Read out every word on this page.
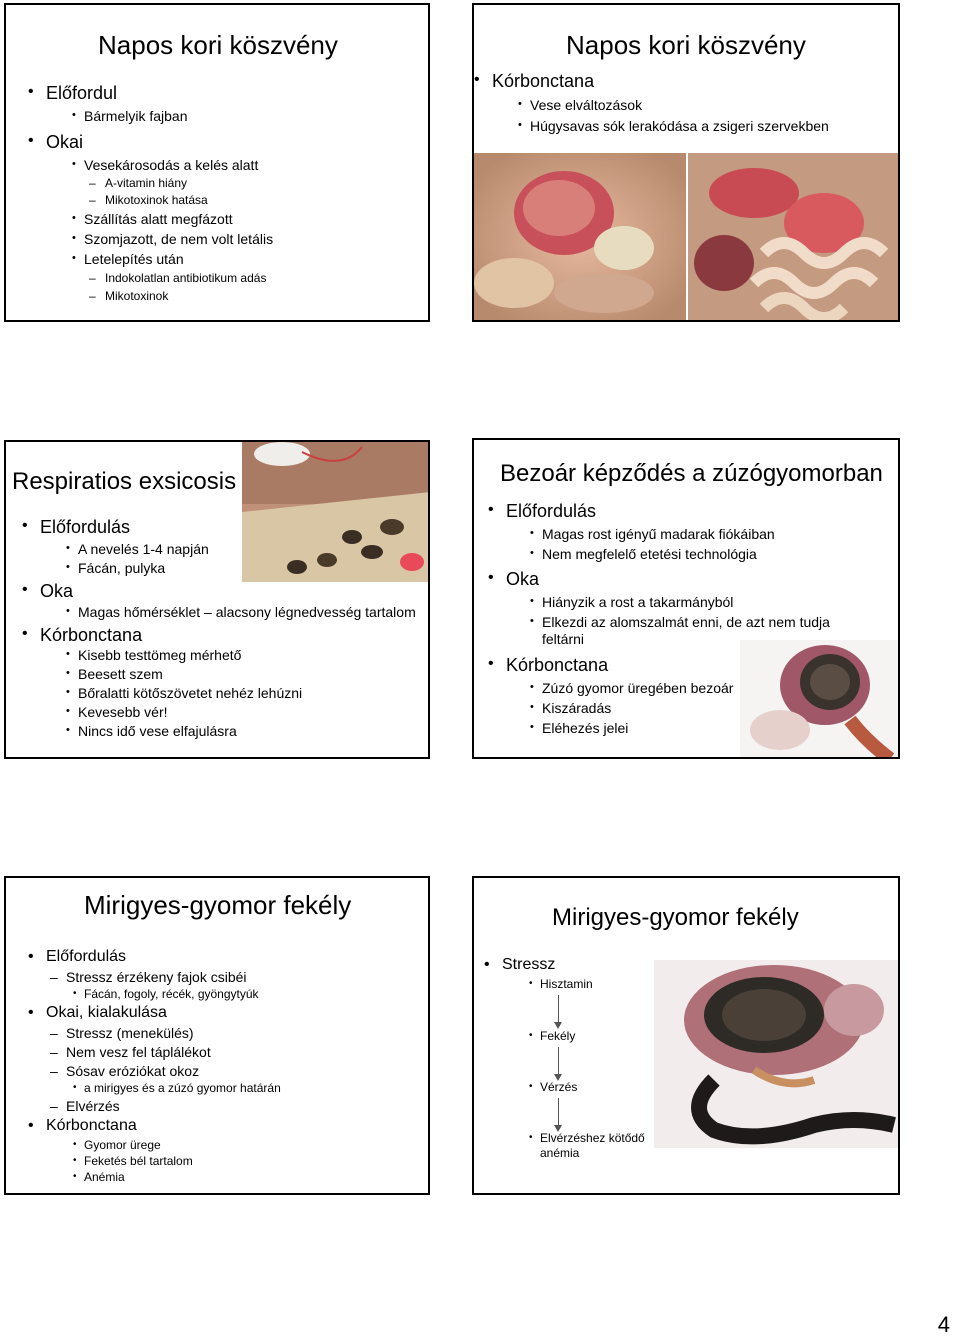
Napos kori köszvény
• Előfordul
• Bármelyik fajban
• Okai
• Vesekárosodás a kelés alatt
– A-vitamin hiány
– Mikotoxinok hatása
• Szállítás alatt megfázott
• Szomjazott, de nem volt letális
• Letelepítés után
– Indokolatlan antibiotikum adás
– Mikotoxinok
Napos kori köszvény
• Kórbonctana
• Vese elváltozások
• Húgysavas sók lerakódása a zsigeri szervekben
Respiratios exsicosis
• Előfordulás
• A nevelés 1-4 napján
• Fácán, pulyka
• Oka
• Magas hőmérséklet – alacsony légnedvesség tartalom
• Kórbonctana
• Kisebb testtömeg mérhető
• Beesett szem
• Bőralatti kötőszövetet nehéz lehúzni
• Kevesebb vér!
• Nincs idő vese elfajulásra
Bezoár képződés a zúzógyomorban
• Előfordulás
• Magas rost igényű madarak fiókáiban
• Nem megfelelő etetési technológia
• Oka
• Hiányzik a rost a takarmányból
• Elkezdi az alomszalmát enni, de azt nem tudja
feltárni
• Kórbonctana
• Zúzó gyomor üregében bezoár
• Kiszáradás
• Eléhezés jelei
Mirigyes-gyomor fekély
• Előfordulás
– Stressz érzékeny fajok csibéi
• Fácán, fogoly, récék, gyöngytyúk
• Okai, kialakulása
– Stressz (menekülés)
– Nem vesz fel táplálékot
– Sósav eróziókat okoz
• a mirigyes és a zúzó gyomor határán
– Elvérzés
• Kórbonctana
• Gyomor ürege
• Feketés bél tartalom
• Anémia
Mirigyes-gyomor fekély
• Stressz
• Hisztamin
• Fekély
• Vérzés
• Elvérzéshez kötődő
anémia
4
